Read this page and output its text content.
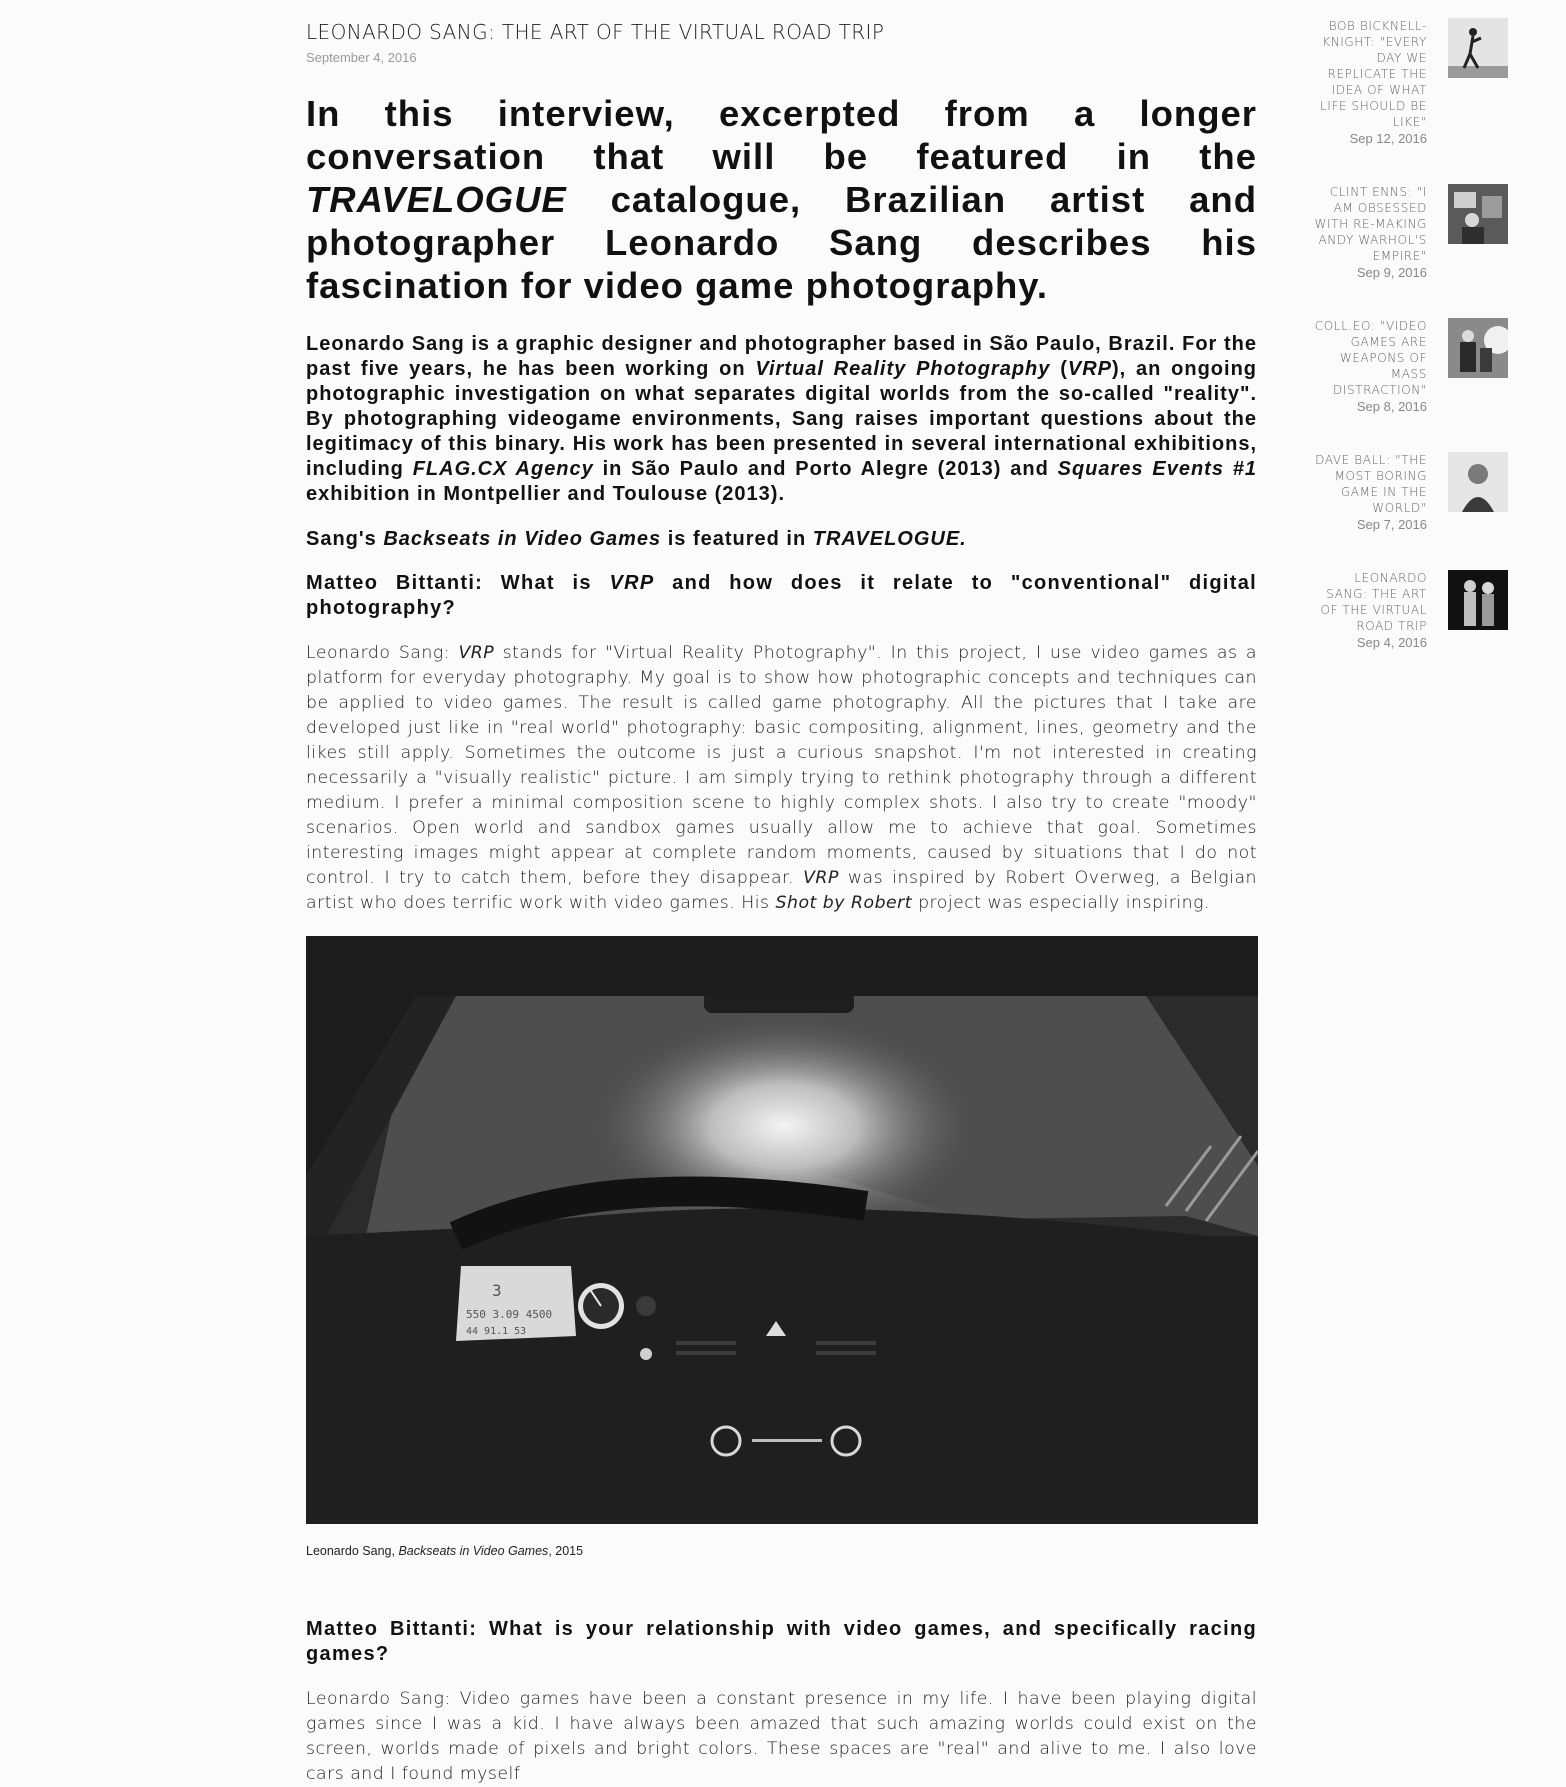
LEONARDO SANG: THE ART OF THE VIRTUAL ROAD TRIP
September 4, 2016
In this interview, excerpted from a longer conversation that will be featured in the TRAVELOGUE catalogue, Brazilian artist and photographer Leonardo Sang describes his fascination for video game photography.
Leonardo Sang is a graphic designer and photographer based in São Paulo, Brazil. For the past five years, he has been working on Virtual Reality Photography (VRP), an ongoing photographic investigation on what separates digital worlds from the so-called "reality". By photographing videogame environments, Sang raises important questions about the legitimacy of this binary. His work has been presented in several international exhibitions, including FLAG.CX Agency in São Paulo and Porto Alegre (2013) and Squares Events #1 exhibition in Montpellier and Toulouse (2013).
Sang's Backseats in Video Games is featured in TRAVELOGUE.
Matteo Bittanti: What is VRP and how does it relate to "conventional" digital photography?
Leonardo Sang: VRP stands for "Virtual Reality Photography". In this project, I use video games as a platform for everyday photography. My goal is to show how photographic concepts and techniques can be applied to video games. The result is called game photography. All the pictures that I take are developed just like in "real world" photography: basic compositing, alignment, lines, geometry and the likes still apply. Sometimes the outcome is just a curious snapshot. I'm not interested in creating necessarily a "visually realistic" picture. I am simply trying to rethink photography through a different medium. I prefer a minimal composition scene to highly complex shots. I also try to create "moody" scenarios. Open world and sandbox games usually allow me to achieve that goal. Sometimes interesting images might appear at complete random moments, caused by situations that I do not control. I try to catch them, before they disappear. VRP was inspired by Robert Overweg, a Belgian artist who does terrific work with video games. His Shot by Robert project was especially inspiring.
3
550 3.09 4500
44 91.1 53
Leonardo Sang, Backseats in Video Games, 2015
Matteo Bittanti: What is your relationship with video games, and specifically racing games?
Leonardo Sang: Video games have been a constant presence in my life. I have been playing digital games since I was a kid. I have always been amazed that such amazing worlds could exist on the screen, worlds made of pixels and bright colors. These spaces are "real" and alive to me. I also love cars and I found myself
BOB BICKNELL-KNIGHT: "EVERY DAY WE REPLICATE THE IDEA OF WHAT LIFE SHOULD BE LIKE"
Sep 12, 2016
CLINT ENNS: "I AM OBSESSED WITH RE-MAKING ANDY WARHOL'S EMPIRE"
Sep 9, 2016
COLL.EO: "VIDEO GAMES ARE WEAPONS OF MASS DISTRACTION"
Sep 8, 2016
DAVE BALL: "THE MOST BORING GAME IN THE WORLD"
Sep 7, 2016
LEONARDO SANG: THE ART OF THE VIRTUAL ROAD TRIP
Sep 4, 2016
